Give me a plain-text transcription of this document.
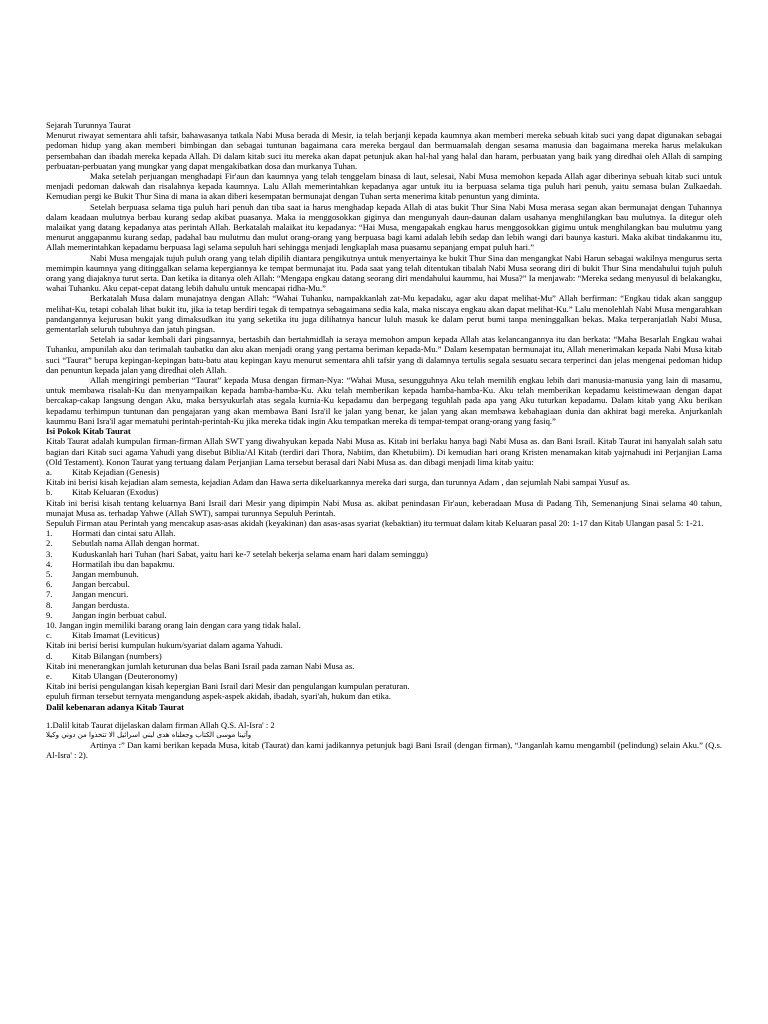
Sejarah Turunnya Taurat

Menurut riwayat sementara ahli tafsir, bahawasanya tatkala Nabi Musa berada di Mesir, ia telah berjanji kepada kaumnya akan memberi mereka sebuah kitab suci yang dapat digunakan sebagai pedoman hidup yang akan memberi bimbingan dan sebagai tuntunan bagaimana cara mereka bergaul dan bermuamalah dengan sesama manusia dan bagaimana mereka harus melakukan persembahan dan ibadah mereka kepada Allah. Di dalam kitab suci itu mereka akan dapat petunjuk akan hal-hal yang halal dan haram, perbuatan yang baik yang diredhai oleh Allah di samping perbuatan-perbuatan yang mungkar yang dapat mengakibatkan dosa dan murkanya Tuhan.

Maka setelah perjuangan menghadapi Fir'aun dan kaumnya yang telah tenggelam binasa di laut, selesai, Nabi Musa memohon kepada Allah agar diberinya sebuah kitab suci untuk menjadi pedoman dakwah dan risalahnya kepada kaumnya. Lalu Allah memerintahkan kepadanya agar untuk itu ia berpuasa selama tiga puluh hari penuh, yaitu semasa bulan Zulkaedah. Kemudian pergi ke Bukit Thur Sina di mana ia akan diberi kesempatan bermunajat dengan Tuhan serta menerima kitab penuntun yang diminta.

Setelah berpuasa selama tiga puluh hari penuh dan tiba saat ia harus menghadap kepada Allah di atas bukit Thur Sina Nabi Musa merasa segan akan bermunajat dengan Tuhannya dalam keadaan mulutnya berbau kurang sedap akibat puasanya. Maka ia menggosokkan giginya dan mengunyah daun-daunan dalam usahanya menghilangkan bau mulutnya. Ia ditegur oleh malaikat yang datang kepadanya atas perintah Allah. Berkatalah malaikat itu kepadanya: “Hai Musa, mengapakah engkau harus menggosokkan gigimu untuk menghilangkan bau mulutmu yang menurut anggapanmu kurang sedap, padahal bau mulutmu dan mulut orang-orang yang berpuasa bagi kami adalah lebih sedap dan lebih wangi dari baunya kasturi. Maka akibat tindakanmu itu, Allah memerintahkan kepadamu berpuasa lagi selama sepuluh hari sehingga menjadi lengkaplah masa puasamu sepanjang empat puluh hari.”

Nabi Musa mengajak tujuh puluh orang yang telah dipilih diantara pengikutnya untuk menyertainya ke bukit Thur Sina dan mengangkat Nabi Harun sebagai wakilnya mengurus serta memimpin kaumnya yang ditinggalkan selama kepergiannya ke tempat bermunajat itu. Pada saat yang telah ditentukan tibalah Nabi Musa seorang diri di bukit Thur Sina mendahului tujuh puluh orang yang diajaknya turut serta. Dan ketika ia ditanya oleh Allah: “Mengapa engkau datang seorang diri mendahului kaummu, hai Musa?” Ia menjawab: “Mereka sedang menyusul di belakangku, wahai Tuhanku. Aku cepat-cepat datang lebih dahulu untuk mencapai ridha-Mu.”

Berkatalah Musa dalam munajatnya dengan Allah: “Wahai Tuhanku, nampakkanlah zat-Mu kepadaku, agar aku dapat melihat-Mu” Allah berfirman: “Engkau tidak akan sanggup melihat-Ku, tetapi cobalah lihat bukit itu, jika ia tetap berdiri tegak di tempatnya sebagaimana sedia kala, maka niscaya engkau akan dapat melihat-Ku.” Lalu menolehlah Nabi Musa mengarahkan pandangannya kejurusan bukit yang dimaksudkan itu yang seketika itu juga dilihatnya hancur luluh masuk ke dalam perut bumi tanpa meninggalkan bekas. Maka terperanjatlah Nabi Musa, gementarlah seluruh tubuhnya dan jatuh pingsan.

Setelah ia sadar kembali dari pingsannya, bertasbih dan bertahmidlah ia seraya memohon ampun kepada Allah atas kelancangannya itu dan berkata: “Maha Besarlah Engkau wahai Tuhanku, ampunilah aku dan terimalah taubatku dan aku akan menjadi orang yang pertama beriman kepada-Mu.” Dalam kesempatan bermunajat itu, Allah menerimakan kepada Nabi Musa kitab suci “Taurat” berupa kepingan-kepingan batu-batu atau kepingan kayu menurut sementara ahli tafsir yang di dalamnya tertulis segala sesuatu secara terperinci dan jelas mengenai pedoman hidup dan penuntun kepada jalan yang diredhai oleh Allah.

Allah mengiringi pemberian “Taurat” kepada Musa dengan firman-Nya: “Wahai Musa, sesungguhnya Aku telah memilih engkau lebih dari manusia-manusia yang lain di masamu, untuk membawa risalah-Ku dan menyampaikan kepada hamba-hamba-Ku. Aku telah memberikan kepada hamba-hamba-Ku. Aku telah memberikan kepadamu keistimewaan dengan dapat bercakap-cakap langsung dengan Aku, maka bersyukurlah atas segala kurnia-Ku kepadamu dan berpegang teguhlah pada apa yang Aku tuturkan kepadamu. Dalam kitab yang Aku berikan kepadamu terhimpun tuntunan dan pengajaran yang akan membawa Bani Isra'il ke jalan yang benar, ke jalan yang akan membawa kebahagiaan dunia dan akhirat bagi mereka. Anjurkanlah kaummu Bani Isra'il agar mematuhi perintah-perintah-Ku jika mereka tidak ingin Aku tempatkan mereka di tempat-tempat orang-orang yang fasiq.”

Isi Pokok Kitab Taurat

Kitab Taurat adalah kumpulan firman-firman Allah SWT yang diwahyukan kepada Nabi Musa as. Kitab ini berlaku hanya bagi Nabi Musa as. dan Bani Israil. Kitab Taurat ini hanyalah salah satu bagian dari Kitab suci agama Yahudi yang disebut Biblia/Al Kitab (terdiri dari Thora, Nabiim, dan Khetubiim). Di kemudian hari orang Kristen menamakan kitab yajrnahudi ini Perjanjian Lama (Old Testament). Konon Taurat yang tertuang dalam Perjanjian Lama tersebut berasal dari Nabi Musa as. dan dibagi menjadi lima kitab yaitu:

a. Kitab Kejadian (Genesis)

Kitab ini berisi kisah kejadian alam semesta, kejadian Adam dan Hawa serta dikeluarkannya mereka dari surga, dan turunnya Adam , dan sejumlah Nabi sampai Yusuf as.

b. Kitab Keluaran (Exodus)

Kitab ini berisi kisah tentang keluarnya Bani Israil dari Mesir yang dipimpin Nabi Musa as. akibat penindasan Fir'aun, keberadaan Musa di Padang Tih, Semenanjung Sinai selama 40 tahun, munajat Musa as. terhadap Yahwe (Allah SWT), sampai turunnya Sepuluh Perintah.

Sepuluh Firman atau Perintah yang mencakup asas-asas akidah (keyakinan) dan asas-asas syariat (kebaktian) itu termuat dalam kitab Keluaran pasal 20: 1-17 dan Kitab Ulangan pasal 5: 1-21.

1. Hormati dan cintai satu Allah.

2. Sebutlah nama Allah dengan hormat.

3. Kuduskanlah hari Tuhan (hari Sabat, yaitu hari ke-7 setelah bekerja selama enam hari dalam seminggu)

4. Hormatilah ibu dan bapakmu.

5. Jangan membunuh.

6. Jangan bercabul.

7. Jangan mencuri.

8. Jangan berdusta.

9. Jangan ingin berbuat cabul.

10. Jangan ingin memiliki barang orang lain dengan cara yang tidak halal.

c. Kitab Imamat (Leviticus)

Kitab ini berisi berisi kumpulan hukum/syariat dalam agama Yahudi.

d. Kitab Bilangan (numbers)

Kitab ini menerangkan jumlah keturunan dua belas Bani Israil pada zaman Nabi Musa as.

e. Kitab Ulangan (Deuteronomy)

Kitab ini berisi pengulangan kisah kepergian Bani Israil dari Mesir dan pengulangan kumpulan peraturan.

epuluh firman tersebut ternyata mengandung aspek-aspek akidah, ibadah, syari'ah, hukum dan etika.

Dalil kebenaran adanya Kitab Taurat

1.Dalil kitab Taurat dijelaskan dalam firman Allah Q.S. Al-Isra' : 2

وآتينا موسى الكتاب وجعلناه هدى لبني اسرائيل الا تتخذوا من دوني وكيلا

Artinya :” Dan kami berikan kepada Musa, kitab (Taurat) dan kami jadikannya petunjuk bagi Bani Israil (dengan firman), “Janganlah kamu mengambil (pelindung) selain Aku.” (Q.s. Al-Isra' : 2).
